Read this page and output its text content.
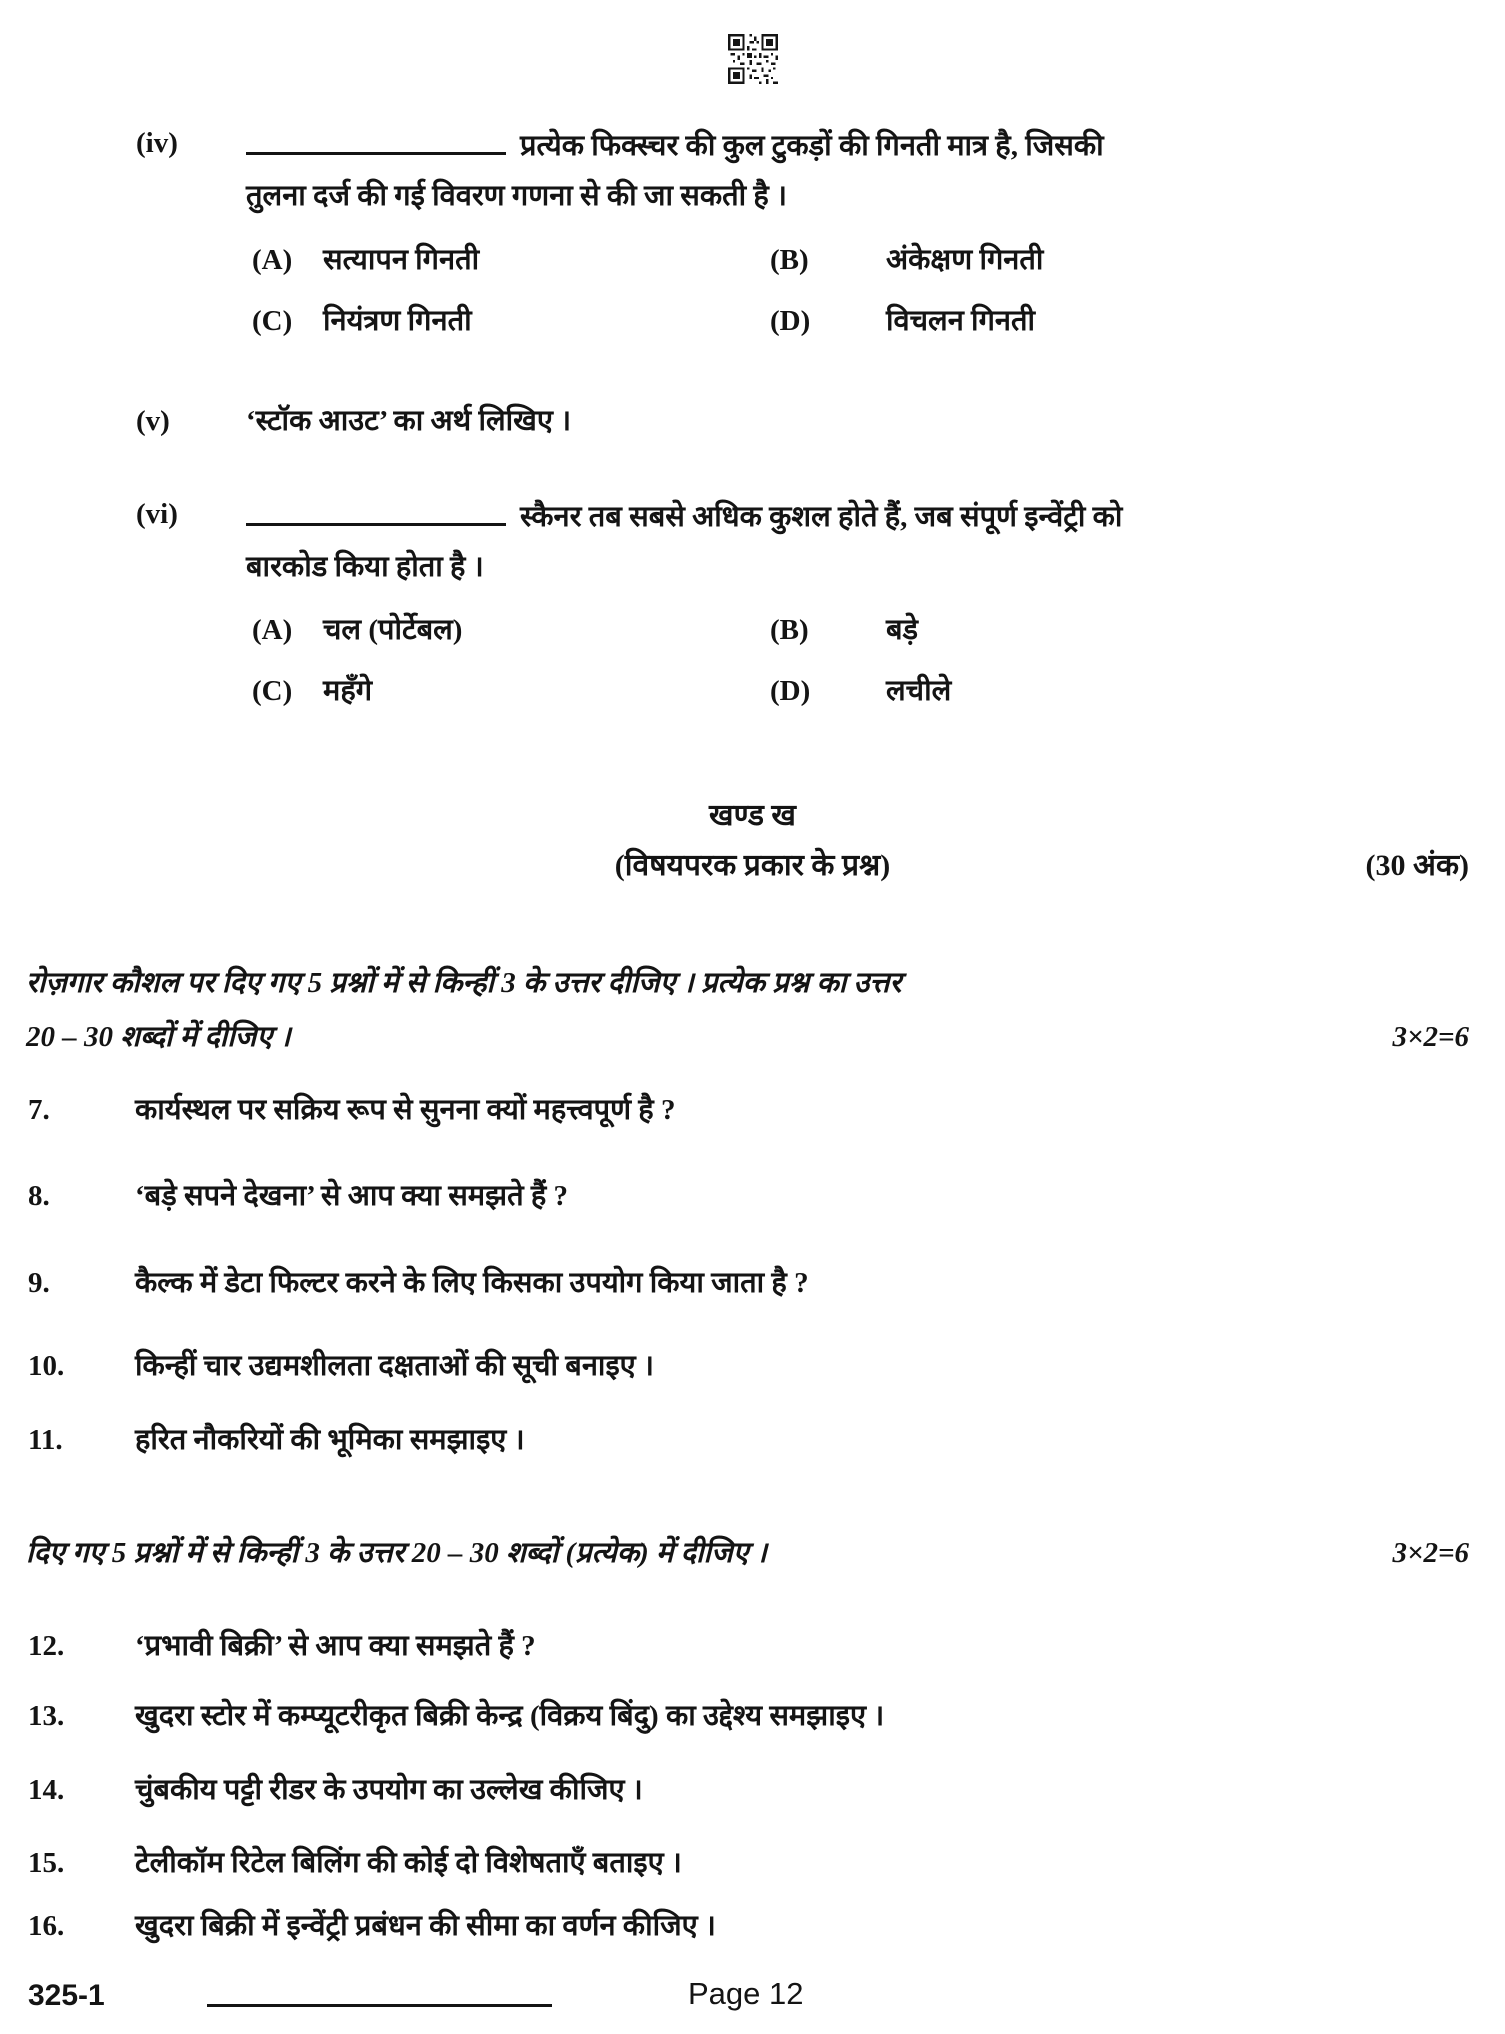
(iv)	प्रत्येक फिक्स्चर की कुल टुकड़ों की गिनती मात्र है, जिसकी
तुलना दर्ज की गई विवरण गणना से की जा सकती है ।
(A)	सत्यापन गिनती	(B)	अंकेक्षण गिनती
(C)	नियंत्रण गिनती	(D)	विचलन गिनती
(v)	‘स्टॉक आउट’ का अर्थ लिखिए ।
(vi)	स्कैनर तब सबसे अधिक कुशल होते हैं, जब संपूर्ण इन्वेंट्री को
बारकोड किया होता है ।
(A)	चल (पोर्टेबल)	(B)	बड़े
(C)	महँगे	(D)	लचीले
खण्ड ख
(विषयपरक प्रकार के प्रश्न)	(30 अंक)
रोज़गार कौशल पर दिए गए 5 प्रश्नों में से किन्हीं 3 के उत्तर दीजिए । प्रत्येक प्रश्न का उत्तर
20 – 30 शब्दों में दीजिए ।	3×2=6
7.	कार्यस्थल पर सक्रिय रूप से सुनना क्यों महत्त्वपूर्ण है ?
8.	‘बड़े सपने देखना’ से आप क्या समझते हैं ?
9.	कैल्क में डेटा फिल्टर करने के लिए किसका उपयोग किया जाता है ?
10.	किन्हीं चार उद्यमशीलता दक्षताओं की सूची बनाइए ।
11.	हरित नौकरियों की भूमिका समझाइए ।
दिए गए 5 प्रश्नों में से किन्हीं 3 के उत्तर 20 – 30 शब्दों (प्रत्येक) में दीजिए ।	3×2=6
12.	‘प्रभावी बिक्री’ से आप क्या समझते हैं ?
13.	खुदरा स्टोर में कम्प्यूटरीकृत बिक्री केन्द्र (विक्रय बिंदु) का उद्देश्य समझाइए ।
14.	चुंबकीय पट्टी रीडर के उपयोग का उल्लेख कीजिए ।
15.	टेलीकॉम रिटेल बिलिंग की कोई दो विशेषताएँ बताइए ।
16.	खुदरा बिक्री में इन्वेंट्री प्रबंधन की सीमा का वर्णन कीजिए ।
325-1	Page 12
